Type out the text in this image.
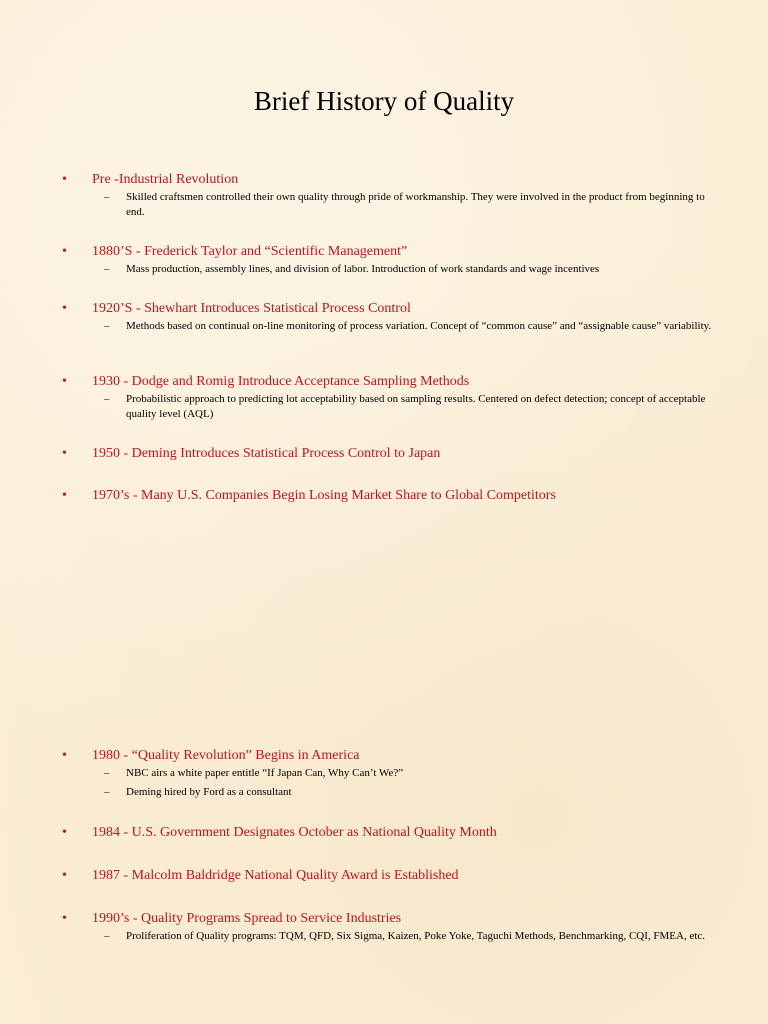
Brief History of Quality
• Pre -Industrial Revolution
– Skilled craftsmen controlled their own quality through pride of workmanship. They were involved in the product from beginning to end.
• 1880’S - Frederick Taylor and “Scientific Management”
– Mass production, assembly lines, and division of labor. Introduction of work standards and wage incentives
• 1920’S - Shewhart Introduces Statistical Process Control
– Methods based on continual on-line monitoring of process variation. Concept of “common cause” and “assignable cause” variability.
• 1930 - Dodge and Romig Introduce Acceptance Sampling Methods
– Probabilistic approach to predicting lot acceptability based on sampling results. Centered on defect detection; concept of acceptable quality level (AQL)
• 1950 - Deming Introduces Statistical Process Control to Japan
• 1970’s - Many U.S. Companies Begin Losing Market Share to Global Competitors
• 1980 - “Quality Revolution” Begins in America
– NBC airs a white paper entitle “If Japan Can, Why Can’t We?”
– Deming hired by Ford as a consultant
• 1984 - U.S. Government Designates October as National Quality Month
• 1987 - Malcolm Baldridge National Quality Award is Established
• 1990’s - Quality Programs Spread to Service Industries
– Proliferation of Quality programs: TQM, QFD, Six Sigma, Kaizen, Poke Yoke, Taguchi Methods, Benchmarking, CQI, FMEA, etc.
